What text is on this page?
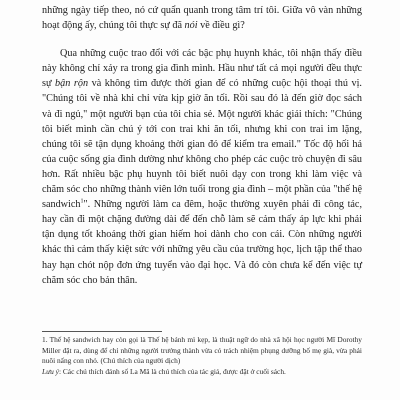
những ngày tiếp theo, nó cứ quẩn quanh trong tâm trí tôi. Giữa vô vàn những hoạt động ấy, chúng tôi thực sự đã nói về điều gì?

Qua những cuộc trao đổi với các bậc phụ huynh khác, tôi nhận thấy điều này không chỉ xảy ra trong gia đình mình. Hầu như tất cả mọi người đều thực sự bận rộn và không tìm được thời gian để có những cuộc hội thoại thú vị. "Chúng tôi về nhà khi chỉ vừa kịp giờ ăn tối. Rồi sau đó là đến giờ đọc sách và đi ngủ," một người bạn của tôi chia sẻ. Một người khác giải thích: "Chúng tôi biết mình cần chú ý tới con trai khi ăn tối, nhưng khi con trai im lặng, chúng tôi sẽ tận dụng khoảng thời gian đó để kiểm tra email." Tốc độ hối hả của cuộc sống gia đình dường như không cho phép các cuộc trò chuyện đi sâu hơn. Rất nhiều bậc phụ huynh tôi biết nuôi dạy con trong khi làm việc và chăm sóc cho những thành viên lớn tuổi trong gia đình – một phần của "thế hệ sandwich$^1$". Những người làm ca đêm, hoặc thường xuyên phải đi công tác, hay cần đi một chặng đường dài để đến chỗ làm sẽ cảm thấy áp lực khi phải tận dụng tốt khoảng thời gian hiếm hoi dành cho con cái. Còn những người khác thì cảm thấy kiệt sức với những yêu cầu của trường học, lịch tập thể thao hay hạn chót nộp đơn ứng tuyển vào đại học. Và đó còn chưa kể đến việc tự chăm sóc cho bản thân.

1. Thế hệ sandwich hay còn gọi là Thế hệ bánh mì kẹp, là thuật ngữ do nhà xã hội học người Mĩ Dorothy Miller đặt ra, dùng để chỉ những người trưởng thành vừa có trách nhiệm phụng dưỡng bố mẹ già, vừa phải nuôi nấng con nhỏ. (Chú thích của người dịch)

Lưu ý: Các chú thích đánh số La Mã là chú thích của tác giả, được đặt ở cuối sách.
